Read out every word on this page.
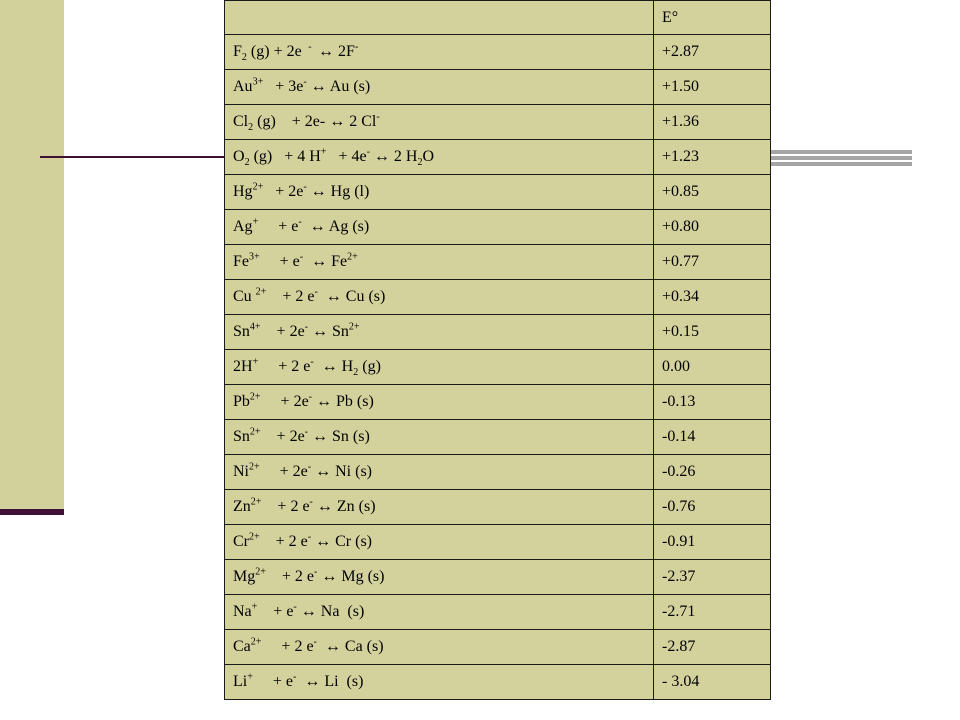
	E°
$F_2$ (g) + 2e  -  ↔ 2F-	+2.87
$Au^{3+} + 3e^-$ ↔ Au (s)	+1.50
$Cl_2$ (g)    + 2e- ↔ 2 Cl-	+1.36
$O_2$ (g)   + 4 H+   + 4e- ↔ 2 $H_2O$	+1.23
$Hg^{2+} + 2e^-$ ↔ Hg (l)	+0.85
Ag+     + e-  ↔ Ag (s)	+0.80
$Fe^{3+}$     + e-  ↔ $Fe^{2+}$	+0.77
Cu $^{2+}$    + 2 e-  ↔ Cu (s)	+0.34
$Sn^{4+}$    + 2e- ↔ $Sn^{2+}$	+0.15
2H+     + 2 e-  ↔ $H_2$ (g)	0.00
$Pb^{2+}$     + 2e- ↔ Pb (s)	-0.13
$Sn^{2+}$    + 2e- ↔ Sn (s)	-0.14
$Ni^{2+}$     + 2e- ↔ Ni (s)	-0.26
$Zn^{2+}$    + 2 e- ↔ Zn (s)	-0.76
$Cr^{2+}$    + 2 e- ↔ Cr (s)	-0.91
$Mg^{2+}$    + 2 e- ↔ Mg (s)	-2.37
Na+    + e- ↔ Na  (s)	-2.71
$Ca^{2+}$     + 2 e-  ↔ Ca (s)	-2.87
Li+     + e-  ↔ Li  (s)	- 3.04
